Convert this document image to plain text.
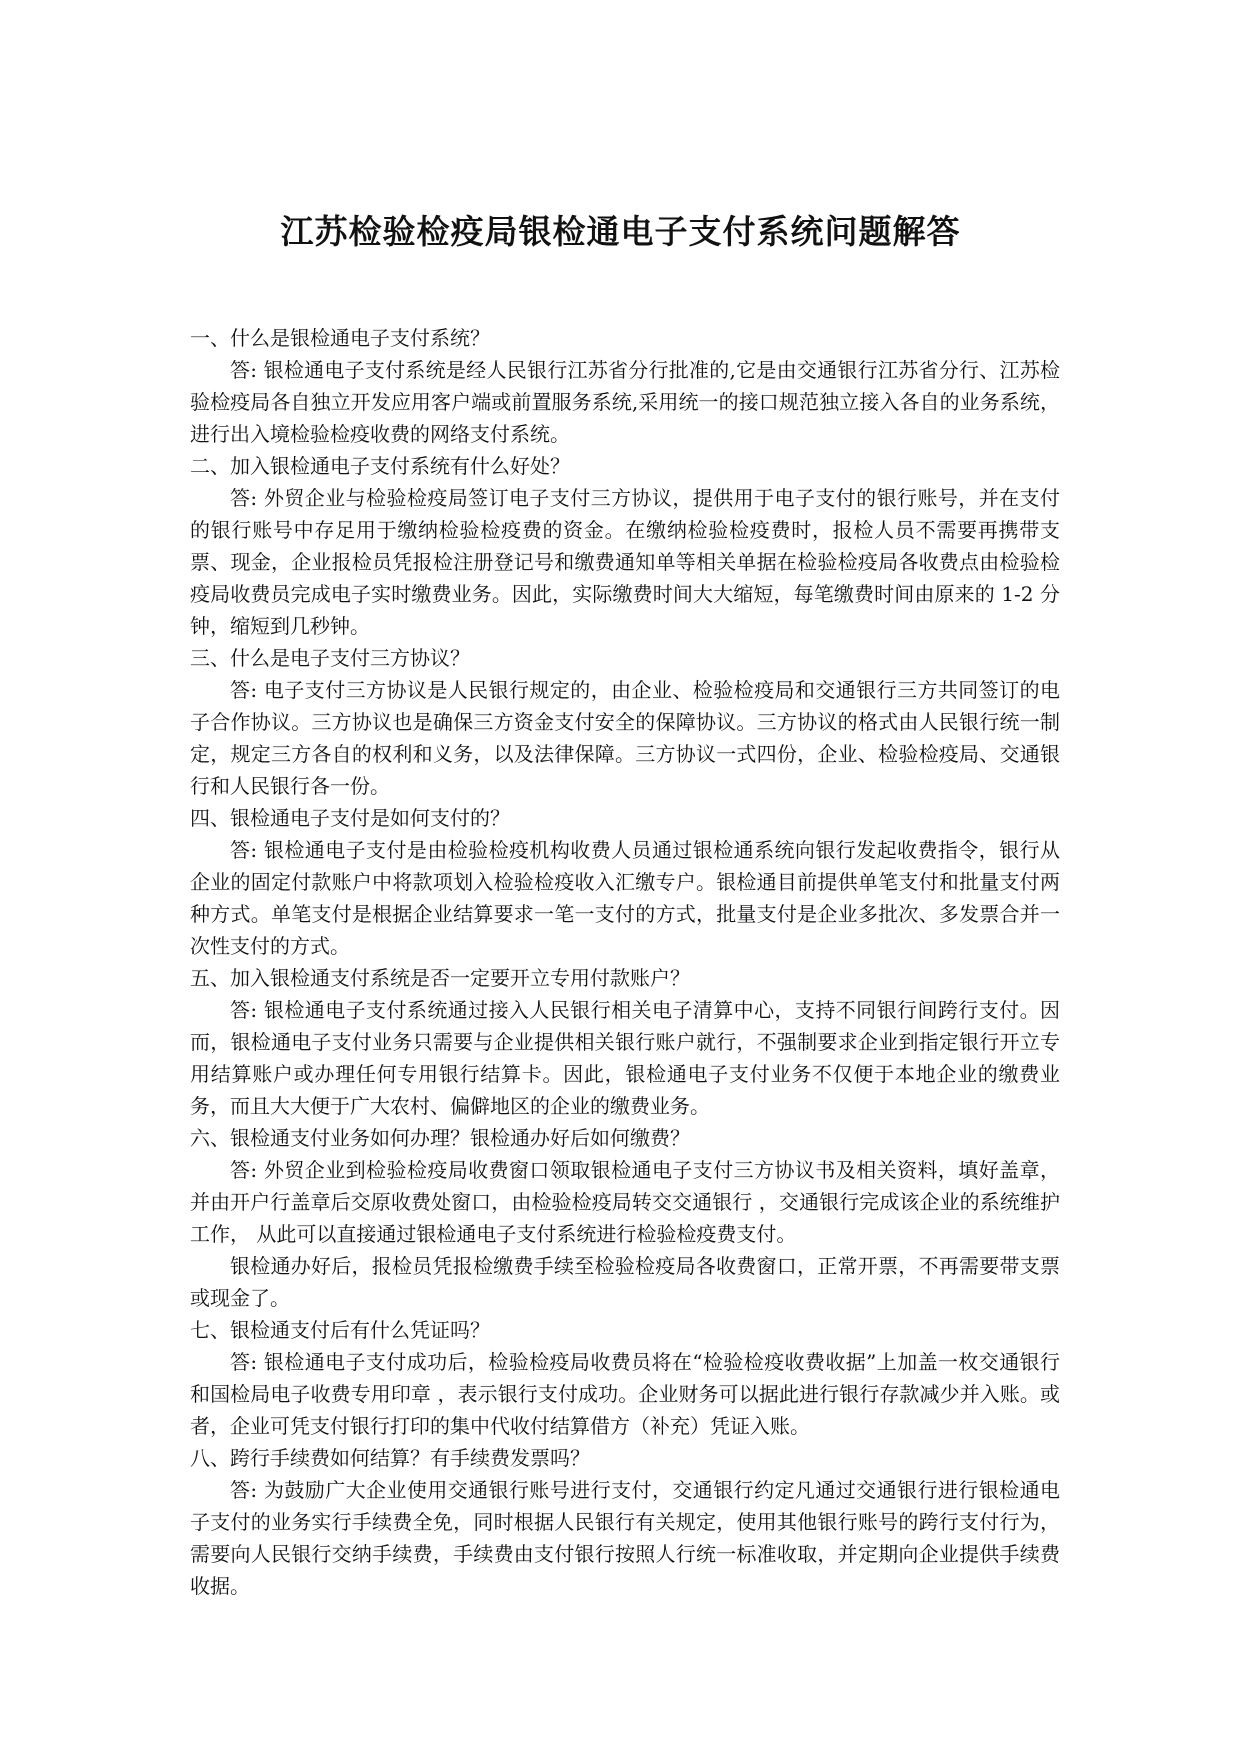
江苏检验检疫局银检通电子支付系统问题解答

一、什么是银检通电子支付系统？

答: 银检通电子支付系统是经人民银行江苏省分行批准的,它是由交通银行江苏省分行、江苏检验检疫局各自独立开发应用客户端或前置服务系统,采用统一的接口规范独立接入各自的业务系统，进行出入境检验检疫收费的网络支付系统。

二、加入银检通电子支付系统有什么好处？

答: 外贸企业与检验检疫局签订电子支付三方协议，提供用于电子支付的银行账号，并在支付的银行账号中存足用于缴纳检验检疫费的资金。在缴纳检验检疫费时，报检人员不需要再携带支票、现金，企业报检员凭报检注册登记号和缴费通知单等相关单据在检验检疫局各收费点由检验检疫局收费员完成电子实时缴费业务。因此，实际缴费时间大大缩短，每笔缴费时间由原来的 1-2 分钟，缩短到几秒钟。

三、什么是电子支付三方协议？

答: 电子支付三方协议是人民银行规定的，由企业、检验检疫局和交通银行三方共同签订的电子合作协议。三方协议也是确保三方资金支付安全的保障协议。三方协议的格式由人民银行统一制定，规定三方各自的权利和义务，以及法律保障。三方协议一式四份，企业、检验检疫局、交通银行和人民银行各一份。

四、银检通电子支付是如何支付的？

答: 银检通电子支付是由检验检疫机构收费人员通过银检通系统向银行发起收费指令，银行从企业的固定付款账户中将款项划入检验检疫收入汇缴专户。银检通目前提供单笔支付和批量支付两种方式。单笔支付是根据企业结算要求一笔一支付的方式，批量支付是企业多批次、多发票合并一次性支付的方式。

五、加入银检通支付系统是否一定要开立专用付款账户？

答: 银检通电子支付系统通过接入人民银行相关电子清算中心，支持不同银行间跨行支付。因而，银检通电子支付业务只需要与企业提供相关银行账户就行，不强制要求企业到指定银行开立专用结算账户或办理任何专用银行结算卡。因此，银检通电子支付业务不仅便于本地企业的缴费业务，而且大大便于广大农村、偏僻地区的企业的缴费业务。

六、银检通支付业务如何办理？银检通办好后如何缴费？

答: 外贸企业到检验检疫局收费窗口领取银检通电子支付三方协议书及相关资料，填好盖章，并由开户行盖章后交原收费处窗口，由检验检疫局转交交通银行 ，交通银行完成该企业的系统维护工作， 从此可以直接通过银检通电子支付系统进行检验检疫费支付。

银检通办好后，报检员凭报检缴费手续至检验检疫局各收费窗口，正常开票，不再需要带支票或现金了。

七、银检通支付后有什么凭证吗？

答: 银检通电子支付成功后，检验检疫局收费员将在“检验检疫收费收据”上加盖一枚交通银行和国检局电子收费专用印章 ，表示银行支付成功。企业财务可以据此进行银行存款减少并入账。或者，企业可凭支付银行打印的集中代收付结算借方（补充）凭证入账。

八、跨行手续费如何结算？有手续费发票吗？

答: 为鼓励广大企业使用交通银行账号进行支付，交通银行约定凡通过交通银行进行银检通电子支付的业务实行手续费全免，同时根据人民银行有关规定，使用其他银行账号的跨行支付行为，需要向人民银行交纳手续费，手续费由支付银行按照人行统一标准收取，并定期向企业提供手续费收据。
